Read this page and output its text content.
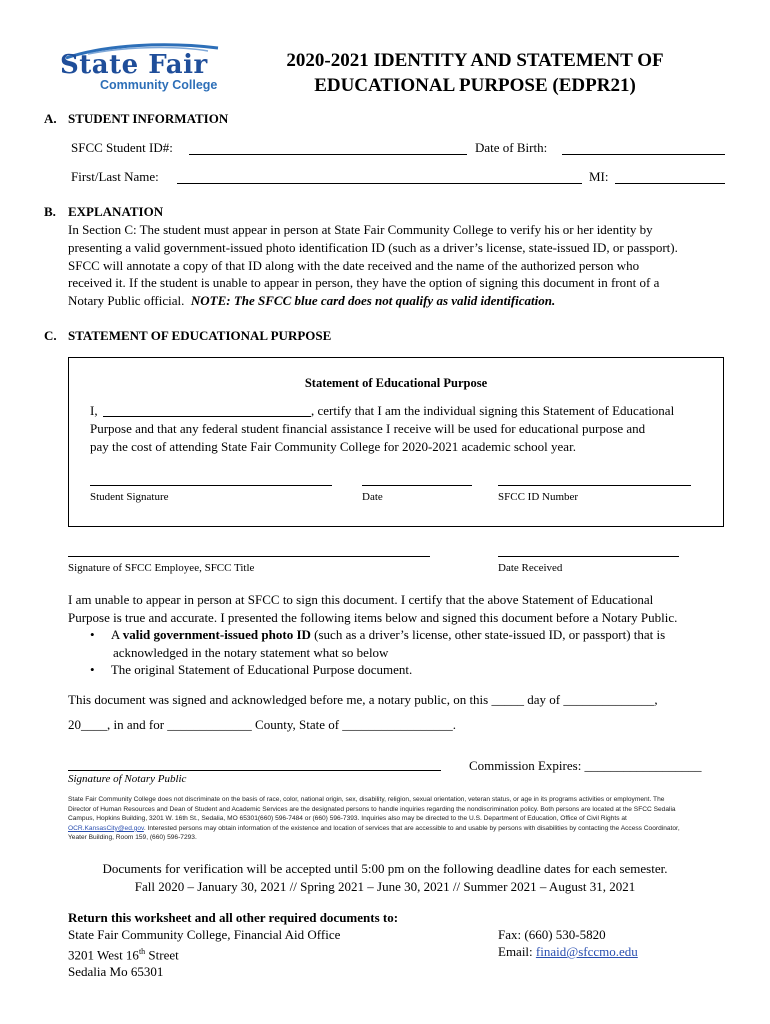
State Fair
Community College
2020-2021 IDENTITY AND STATEMENT OF
EDUCATIONAL PURPOSE (EDPR21)
A. STUDENT INFORMATION
SFCC Student ID#:	Date of Birth:
First/Last Name:	MI:
B. EXPLANATION
In Section C: The student must appear in person at State Fair Community College to verify his or her identity by
presenting a valid government-issued photo identification ID (such as a driver’s license, state-issued ID, or passport).
SFCC will annotate a copy of that ID along with the date received and the name of the authorized person who
received it. If the student is unable to appear in person, they have the option of signing this document in front of a
Notary Public official. NOTE: The SFCC blue card does not qualify as valid identification.
C. STATEMENT OF EDUCATIONAL PURPOSE
Statement of Educational Purpose
I,	, certify that I am the individual signing this Statement of Educational
Purpose and that any federal student financial assistance I receive will be used for educational purpose and
pay the cost of attending State Fair Community College for 2020-2021 academic school year.
Student Signature	Date	SFCC ID Number
Signature of SFCC Employee, SFCC Title	Date Received
I am unable to appear in person at SFCC to sign this document. I certify that the above Statement of Educational
Purpose is true and accurate. I presented the following items below and signed this document before a Notary Public.
• A valid government-issued photo ID (such as a driver’s license, other state-issued ID, or passport) that is
acknowledged in the notary statement what so below
• The original Statement of Educational Purpose document.
This document was signed and acknowledged before me, a notary public, on this _____ day of ______________,
20____, in and for _____________ County, State of _________________.
Commission Expires: __________________
Signature of Notary Public
State Fair Community College does not discriminate on the basis of race, color, national origin, sex, disability, religion, sexual orientation, veteran status, or age in its programs activities or employment. The
Director of Human Resources and Dean of Student and Academic Services are the designated persons to handle inquiries regarding the nondiscrimination policy. Both persons are located at the SFCC Sedalia
Campus, Hopkins Building, 3201 W. 16th St., Sedalia, MO 65301(660) 596-7484 or (660) 596-7393. Inquiries also may be directed to the U.S. Department of Education, Office of Civil Rights at
OCR.KansasCity@ed.gov. Interested persons may obtain information of the existence and location of services that are accessible to and usable by persons with disabilities by contacting the Access Coordinator,
Yeater Building, Room 159, (660) 596-7293.
Documents for verification will be accepted until 5:00 pm on the following deadline dates for each semester.
Fall 2020 – January 30, 2021 // Spring 2021 – June 30, 2021 // Summer 2021 – August 31, 2021
Return this worksheet and all other required documents to:
State Fair Community College, Financial Aid Office
3201 West 16th Street
Sedalia Mo 65301
Fax: (660) 530-5820
Email: finaid@sfccmo.edu
